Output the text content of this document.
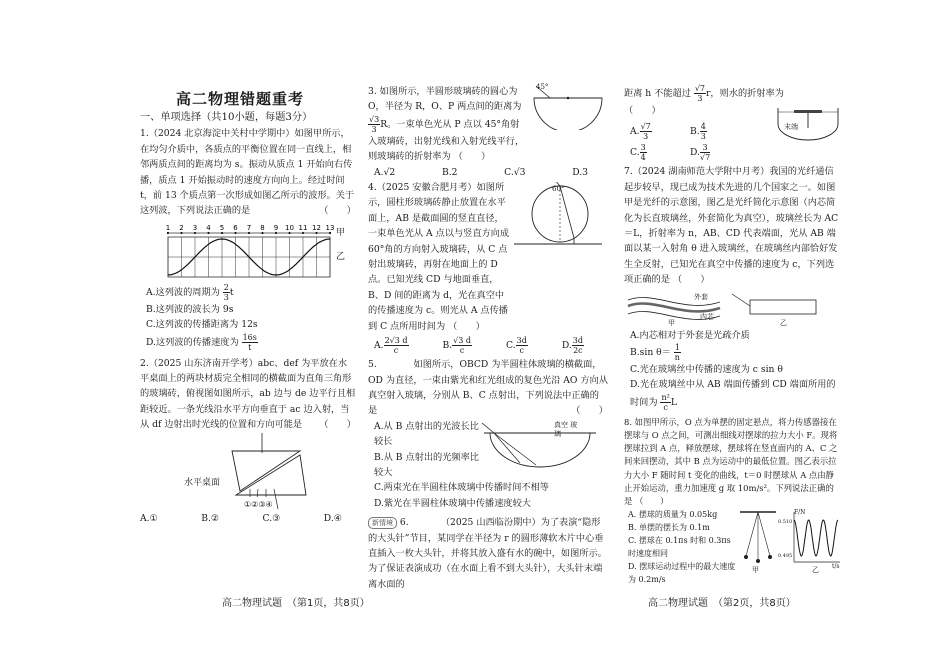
高二物理错题重考

一、单项选择（共10小题，每题3分）

1.（2024 北京海淀中关村中学期中）如图甲所示，在均匀介质中，各质点的平衡位置在同一直线上，相邻两质点间的距离均为 s。振动从质点 1 开始向右传播，质点 1 开始振动时的速度方向向上。经过时间 t，前 13 个质点第一次形成如图乙所示的波形。关于这列波，下列说法正确的是	（　　）

1 2 3 4 5 6 7 8 9 10 11 12 13 甲
乙

A.这列波的周期为 $\frac{2}{3}$ t

B.这列波的波长为 9s

C.这列波的传播距离为 12s

D.这列波的传播速度为 $\frac{16s}{t}$

2.（2025 山东济南开学考）abc、def 为平放在水平桌面上的两块材质完全相同的横截面为直角三角形的玻璃砖，俯视图如图所示，ab 边与 de 边平行且相距较近。一条光线沿水平方向垂直于 ac 边入射，当从 df 边射出时光线的位置和方向可能是 （　　）

水平桌面
①②③④
A.①	B.②	C.③	D.④
45°

3. 如图所示，半圆形玻璃砖的圆心为 O，半径为 R，O、P 两点间的距离为
$\frac{√3}{3}$ R。一束单色光从 P 点以 45°角射入玻璃砖，出射光线和入射光线平行，则玻璃砖的折射率为 （　　）

A.√2	B.2	C.√3	D.3
60°

4.（2025 安徽合肥月考）如图所示，圆柱形玻璃砖静止放置在水平面上，AB 是截面圆的竖直直径，一束单色光从 A 点以与竖直方向成 60°角的方向射入玻璃砖，从 C 点射出玻璃砖，再射在地面上的 D 点。已知光线 CD 与地面垂直，B、D 间的距离为 d，光在真空中的传播速度为 c。则光从 A 点传播到 C 点所用时间为 （　　）

A. $\frac{2√3 d}{c}$	B. $\frac{√3 d}{c}$	C. $\frac{3d}{c}$	D. $\frac{3d}{2c}$

5.　　　　如图所示，OBCD 为半圆柱体玻璃的横截面，OD 为直径，一束由紫光和红光组成的复色光沿 AO 方向从真空射入玻璃，分别从 B、C 点射出，下列说法中正确的是	（　　）

真空 玻璃

A.从 B 点射出的光波长比较长

B.从 B 点射出的光频率比较大

C.两束光在半圆柱体玻璃中传播时间不相等

D.紫光在半圆柱体玻璃中传播速度较大

新情境 6.　　　　（2025 山西临汾期中）为了表演“隐形的大头针”节目，某同学在半径为 r 的圆形薄软木片中心垂直插入一枚大头针，并将其放入盛有水的碗中，如图所示。为了保证表演成功（在水面上看不到大头针），大头针末端离水面的

距离 h 不能超过 $\frac{√7}{3}$ r，则水的折射率为 （　　）

末端
A. $\frac{√7}{3}$	B. $\frac{4}{3}$
C. $\frac{3}{4}$	D. $\frac{3}{√7}$

7.（2024 湖南师范大学附中月考）我国的光纤通信起步较早，现已成为技术先进的几个国家之一。如图甲是光纤的示意图，图乙是光纤简化示意图（内芯简化为长直玻璃丝，外套简化为真空），玻璃丝长为 AC＝L，折射率为 n，AB、CD 代表端面，光从 AB 端面以某一入射角 θ 进入玻璃丝，在玻璃丝内部恰好发生全反射，已知光在真空中传播的速度为 c，下列选项正确的是 （　　）

外套
内芯
甲	乙

A.内芯相对于外套是光疏介质

B.sin $\theta= \frac{1}{n}$

C.光在玻璃丝中传播的速度为 c sin θ

D.光在玻璃丝中从 AB 端面传播到 CD 端面所用的时间为 $\frac{\text{n²}}{c}$ L

8. 如图甲所示，O 点为单摆的固定悬点，将力传感器接在摆球与 O 点之间，可测出细线对摆球的拉力大小 F。现将摆球拉到 A 点，释放摆球，摆球将在竖直面内的 A、C 之间来回摆动，其中 B 点为运动中的最低位置。图乙表示拉力大小 F 随时间 t 变化的曲线，t＝0 时摆球从 A 点由静止开始运动，重力加速度 g 取 10m/s²。下列说法正确的是 （　　）

A. 摆球的质量为 0.05kg

B. 单摆的摆长为 0.1m

C. 摆球在 0.1πs 时和 0.3πs 时速度相同

D. 摆球运动过程中的最大速度为 0.2m/s

甲
F/N
t/s
0.510
0.495
乙
高二物理试题　（第1页，共8页）	高二物理试题　（第2页，共8页）
